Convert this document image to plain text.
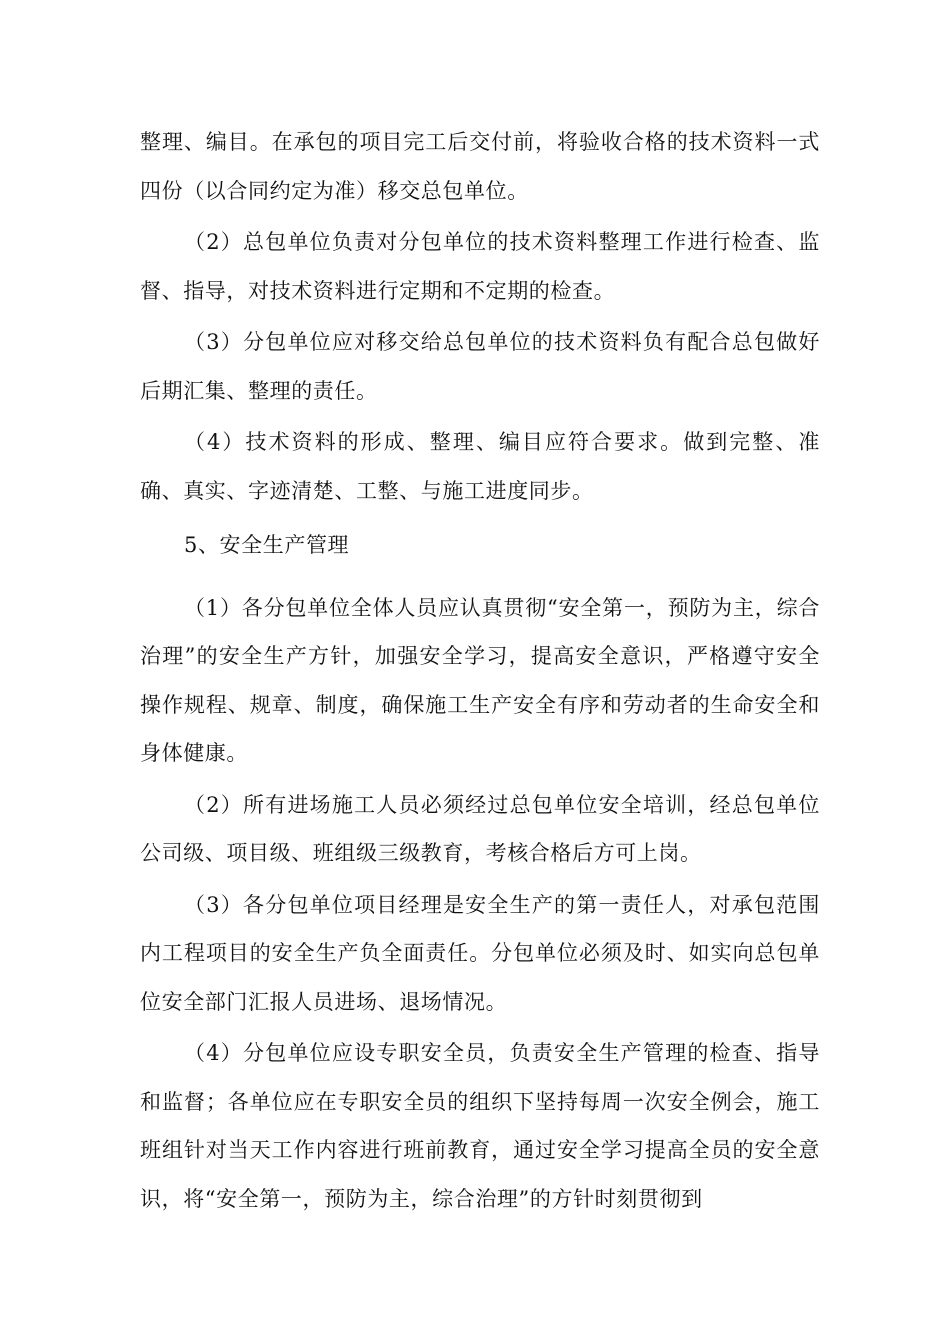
整理、编目。在承包的项目完工后交付前，将验收合格的技术资料一式四份（以合同约定为准）移交总包单位。

（2）总包单位负责对分包单位的技术资料整理工作进行检查、监督、指导，对技术资料进行定期和不定期的检查。

（3）分包单位应对移交给总包单位的技术资料负有配合总包做好后期汇集、整理的责任。

（4）技术资料的形成、整理、编目应符合要求。做到完整、准确、真实、字迹清楚、工整、与施工进度同步。

5、安全生产管理

（1）各分包单位全体人员应认真贯彻“安全第一，预防为主，综合治理”的安全生产方针，加强安全学习，提高安全意识，严格遵守安全操作规程、规章、制度，确保施工生产安全有序和劳动者的生命安全和身体健康。

（2）所有进场施工人员必须经过总包单位安全培训，经总包单位公司级、项目级、班组级三级教育，考核合格后方可上岗。

（3）各分包单位项目经理是安全生产的第一责任人，对承包范围内工程项目的安全生产负全面责任。分包单位必须及时、如实向总包单位安全部门汇报人员进场、退场情况。

（4）分包单位应设专职安全员，负责安全生产管理的检查、指导和监督；各单位应在专职安全员的组织下坚持每周一次安全例会，施工班组针对当天工作内容进行班前教育，通过安全学习提高全员的安全意识，将“安全第一，预防为主，综合治理”的方针时刻贯彻到
